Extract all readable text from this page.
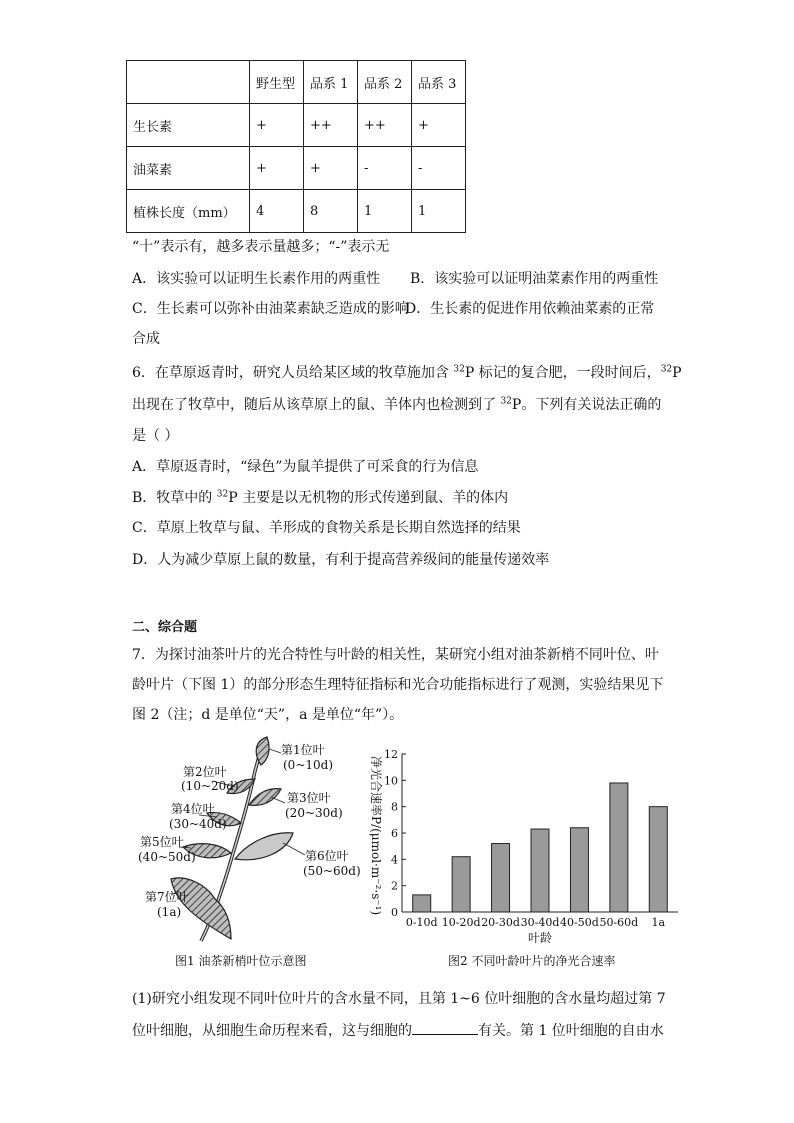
	野生型	品系 1	品系 2	品系 3
生长素	+	++	++	+
油菜素	+	+	-	-
植株长度（mm）	4	8	1	1
“十”表示有，越多表示量越多；“-”表示无
A．该实验可以证明生长素作用的两重性 B．该实验可以证明油菜素作用的两重性
C．生长素可以弥补由油菜素缺乏造成的影响
D．生长素的促进作用依赖油菜素的正常
合成
6．在草原返青时，研究人员给某区域的牧草施加含 $^{32}$P 标记的复合肥，一段时间后，$^{32}$P
出现在了牧草中，随后从该草原上的鼠、羊体内也检测到了 $^{32}$P。下列有关说法正确的
是（ ）
A．草原返青时，“绿色”为鼠羊提供了可采食的行为信息
B．牧草中的 $^{32}$P 主要是以无机物的形式传递到鼠、羊的体内
C．草原上牧草与鼠、羊形成的食物关系是长期自然选择的结果
D．人为减少草原上鼠的数量，有利于提高营养级间的能量传递效率
二、综合题
7．为探讨油茶叶片的光合特性与叶龄的相关性，某研究小组对油茶新梢不同叶位、叶
龄叶片（下图 1）的部分形态生理特征指标和光合功能指标进行了观测，实验结果见下
图 2（注；d 是单位“天”，a 是单位“年”）。
第1位叶
(0~10d)
第2位叶
(10~20d)
第3位叶
(20~30d)
第4位叶
(30~40d)
第5位叶
(40~50d)	第6位叶
(50~60d)
第7位叶
(1a)
图1 油茶新梢叶位示意图
净光合速率P/(μmol·m⁻²·s⁻¹) 0
2
4
6
8
10
12
0-10d 10-20d 20-30d 30-40d 40-50d 50-60d 1a
叶龄
图2 不同叶龄叶片的净光合速率
(1)研究小组发现不同叶位叶片的含水量不同，且第 1~6 位叶细胞的含水量均超过第 7
位叶细胞，从细胞生命历程来看，这与细胞的	有关。第 1 位叶细胞的自由水
